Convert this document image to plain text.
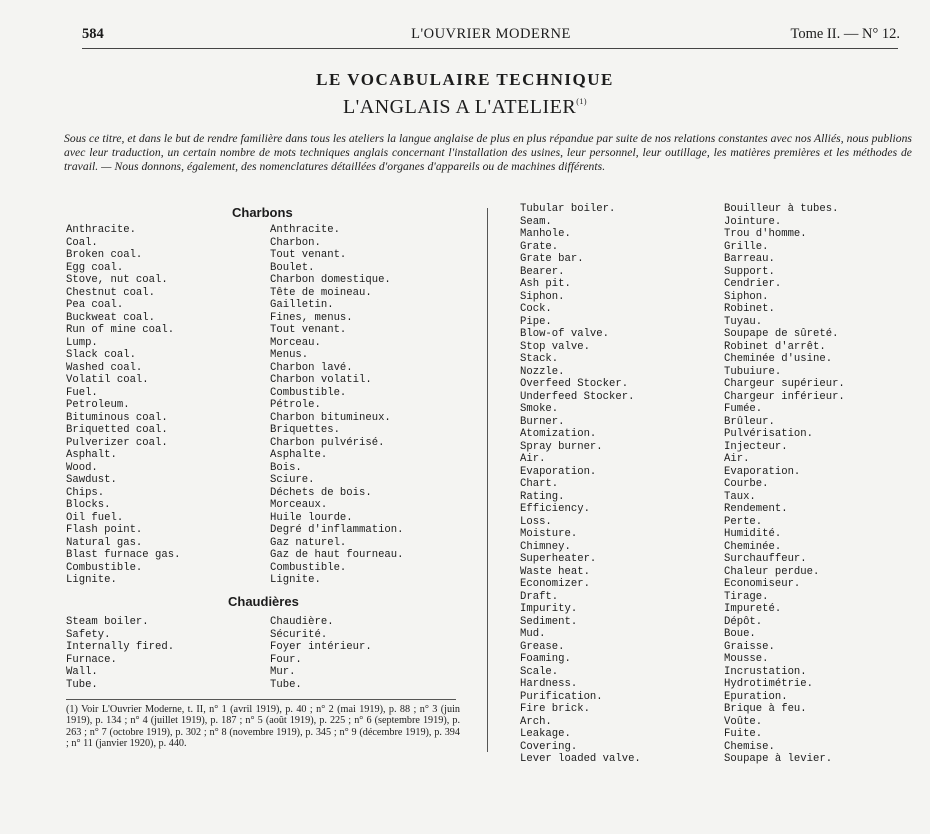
584	L'OUVRIER MODERNE	Tome II. — N° 12.
LE VOCABULAIRE TECHNIQUE
L'ANGLAIS A L'ATELIER$^{(1)}$
Sous ce titre, et dans le but de rendre familière dans tous les ateliers la langue anglaise de plus en plus répandue par suite de nos relations constantes avec nos Alliés, nous publions avec leur traduction, un certain nombre de mots techniques anglais concernant l'installation des usines, leur personnel, leur outillage, les matières premières et les méthodes de travail. — Nous donnons, également, des nomenclatures détaillées d'organes d'appareils ou de machines différents.
Charbons
Anthracite.
Coal.
Broken coal.
Egg coal.
Stove, nut coal.
Chestnut coal.
Pea coal.
Buckweat coal.
Run of mine coal.
Lump.
Slack coal.
Washed coal.
Volatil coal.
Fuel.
Petroleum.
Bituminous coal.
Briquetted coal.
Pulverizer coal.
Asphalt.
Wood.
Sawdust.
Chips.
Blocks.
Oil fuel.
Flash point.
Natural gas.
Blast furnace gas.
Combustible.
Lignite.
Anthracite.
Charbon.
Tout venant.
Boulet.
Charbon domestique.
Tête de moineau.
Gailletin.
Fines, menus.
Tout venant.
Morceau.
Menus.
Charbon lavé.
Charbon volatil.
Combustible.
Pétrole.
Charbon bitumineux.
Briquettes.
Charbon pulvérisé.
Asphalte.
Bois.
Sciure.
Déchets de bois.
Morceaux.
Huile lourde.
Degré d'inflammation.
Gaz naturel.
Gaz de haut fourneau.
Combustible.
Lignite.
Chaudières
Steam boiler.
Safety.
Internally fired.
Furnace.
Wall.
Tube.
Chaudière.
Sécurité.
Foyer intérieur.
Four.
Mur.
Tube.
(1) Voir L'Ouvrier Moderne, t. II, n° 1 (avril 1919), p. 40 ; n° 2 (mai 1919), p. 88 ; n° 3 (juin 1919), p. 134 ; n° 4 (juillet 1919), p. 187 ; n° 5 (août 1919), p. 225 ; n° 6 (septembre 1919), p. 263 ; n° 7 (octobre 1919), p. 302 ; n° 8 (novembre 1919), p. 345 ; n° 9 (décembre 1919), p. 394 ; n° 11 (janvier 1920), p. 440.
Tubular boiler.
Seam.
Manhole.
Grate.
Grate bar.
Bearer.
Ash pit.
Siphon.
Cock.
Pipe.
Blow-of valve.
Stop valve.
Stack.
Nozzle.
Overfeed Stocker.
Underfeed Stocker.
Smoke.
Burner.
Atomization.
Spray burner.
Air.
Evaporation.
Chart.
Rating.
Efficiency.
Loss.
Moisture.
Chimney.
Superheater.
Waste heat.
Economizer.
Draft.
Impurity.
Sediment.
Mud.
Grease.
Foaming.
Scale.
Hardness.
Purification.
Fire brick.
Arch.
Leakage.
Covering.
Lever loaded valve.
Bouilleur à tubes.
Jointure.
Trou d'homme.
Grille.
Barreau.
Support.
Cendrier.
Siphon.
Robinet.
Tuyau.
Soupape de sûreté.
Robinet d'arrêt.
Cheminée d'usine.
Tubuiure.
Chargeur supérieur.
Chargeur inférieur.
Fumée.
Brûleur.
Pulvérisation.
Injecteur.
Air.
Evaporation.
Courbe.
Taux.
Rendement.
Perte.
Humidité.
Cheminée.
Surchauffeur.
Chaleur perdue.
Economiseur.
Tirage.
Impureté.
Dépôt.
Boue.
Graisse.
Mousse.
Incrustation.
Hydrotimétrie.
Epuration.
Brique à feu.
Voûte.
Fuite.
Chemise.
Soupape à levier.
